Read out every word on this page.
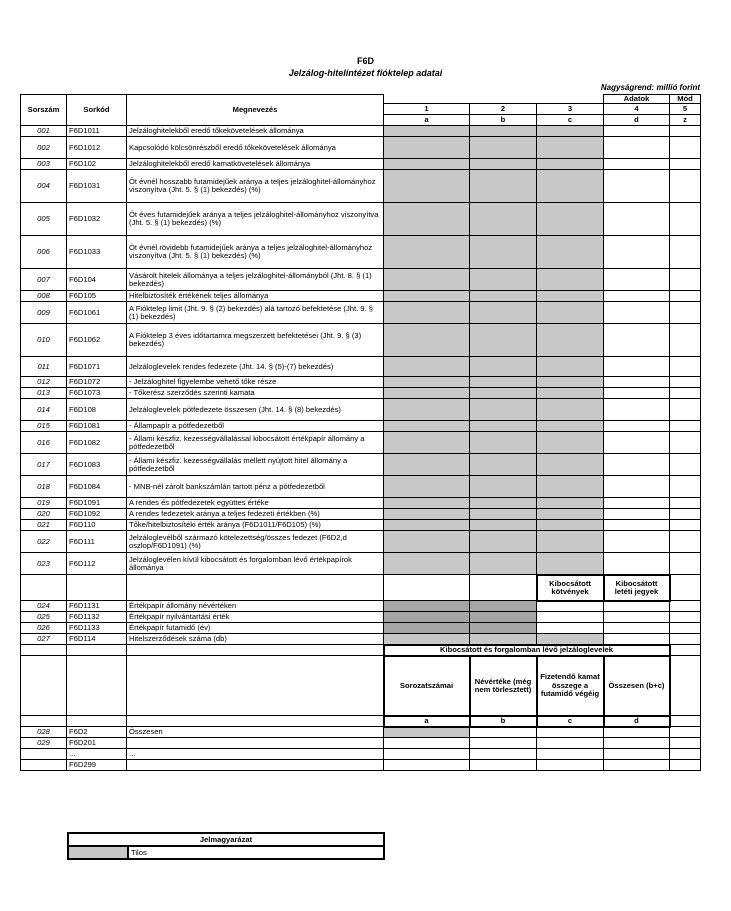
F6D
Jelzálog-hitelintézet fióktelep adatai
Nagyságrend: millió forint
Sorszám	Sorkód	Megnevezés				Adatok	Mód
			1	2	3	4	5
			a	b	c	d	z
001	F6D1011	Jelzáloghitelekből eredő tőkekövetelések állománya					
002	F6D1012	Kapcsolódó kölcsönrészből eredő tőkekövetelések állománya					
003	F6D102	Jelzáloghitelekből eredő kamatkövetelések állománya					
004	F6D1031	Öt évnél hosszabb futamidejűek aránya a teljes jelzáloghitel-állományhoz viszonyítva (Jht. 5. § (1) bekezdés) (%)					
005	F6D1032	Öt éves futamidejűek aránya a teljes jelzáloghitel-állományhoz viszonyítva (Jht. 5. § (1) bekezdés) (%)					
006	F6D1033	Öt évnél rövidebb futamidejűek aránya a teljes jelzáloghitel-állományhoz viszonyítva (Jht. 5. § (1) bekezdés) (%)					
007	F6D104	Vásárolt hitelek állománya a teljes jelzáloghitel-állományból (Jht. 8. § (1) bekezdés)					
008	F6D105	Hitelbiztosíték értékének teljes állománya					
009	F6D1061	A Fióktelep limit (Jht. 9. § (2) bekezdés) alá tartozó befektetése (Jht. 9. § (1) bekezdés)					
010	F6D1062	A Fióktelep 3 éves időtartamra megszerzett befektetései (Jht. 9. § (3) bekezdés)					
011	F6D1071	Jelzáloglevelek rendes fedezete (Jht. 14. § (5)-(7) bekezdés)					
012	F6D1072	- Jelzáloghitel figyelembe vehető tőke része					
013	F6D1073	- Tőkerész szerződés szerinti kamata					
014	F6D108	Jelzáloglevelek pótfedezete összesen (Jht. 14. § (8) bekezdés)					
015	F6D1081	- Állampapír a pótfedezetből					
016	F6D1082	- Állami készfiz. kezességvállalással kibocsátott értékpapír állomány a pótfedezetből					
017	F6D1083	- Állami készfiz. kezességvállalás mellett nyújtott hitel állomány a pótfedezetből					
018	F6D1084	- MNB-nél zárolt bankszámlán tartott pénz a pótfedezetből					
019	F6D1091	A rendes és pótfedezetek együttes értéke					
020	F6D1092	A rendes fedezetek aránya a teljes fedezeti értékben (%)					
021	F6D110	Tőke/hitelbiztosítéki érték aránya (F6D1011/F6D105) (%)					
022	F6D111	Jelzáloglevélből származó kötelezettség/összes fedezet (F6D2,d oszlop/F6D1091) (%)					
023	F6D112	Jelzáloglevélen kívül kibocsátott és forgalomban lévő értékpapírok állománya					
					Kibocsátott kötvények	Kibocsátott letéti jegyek	
024	F6D1131	Értékpapír állomány névértéken					
025	F6D1132	Értékpapír nyilvántartási érték					
026	F6D1133	Értékpapír futamidő (év)					
027	F6D114	Hitelszerződések száma (db)					
			Kibocsátott és forgalomban lévő jelzáloglevelek				
			Sorozatszámai	Névértéke (még nem törlesztett)	Fizetendő kamat összege a futamidő végéig	Összesen (b+c)	
			a	b	c	d	
028	F6D2	Összesen					
029	F6D201						
	...	...					
	F6D299						
Jelmagyarázat
	Tilos
